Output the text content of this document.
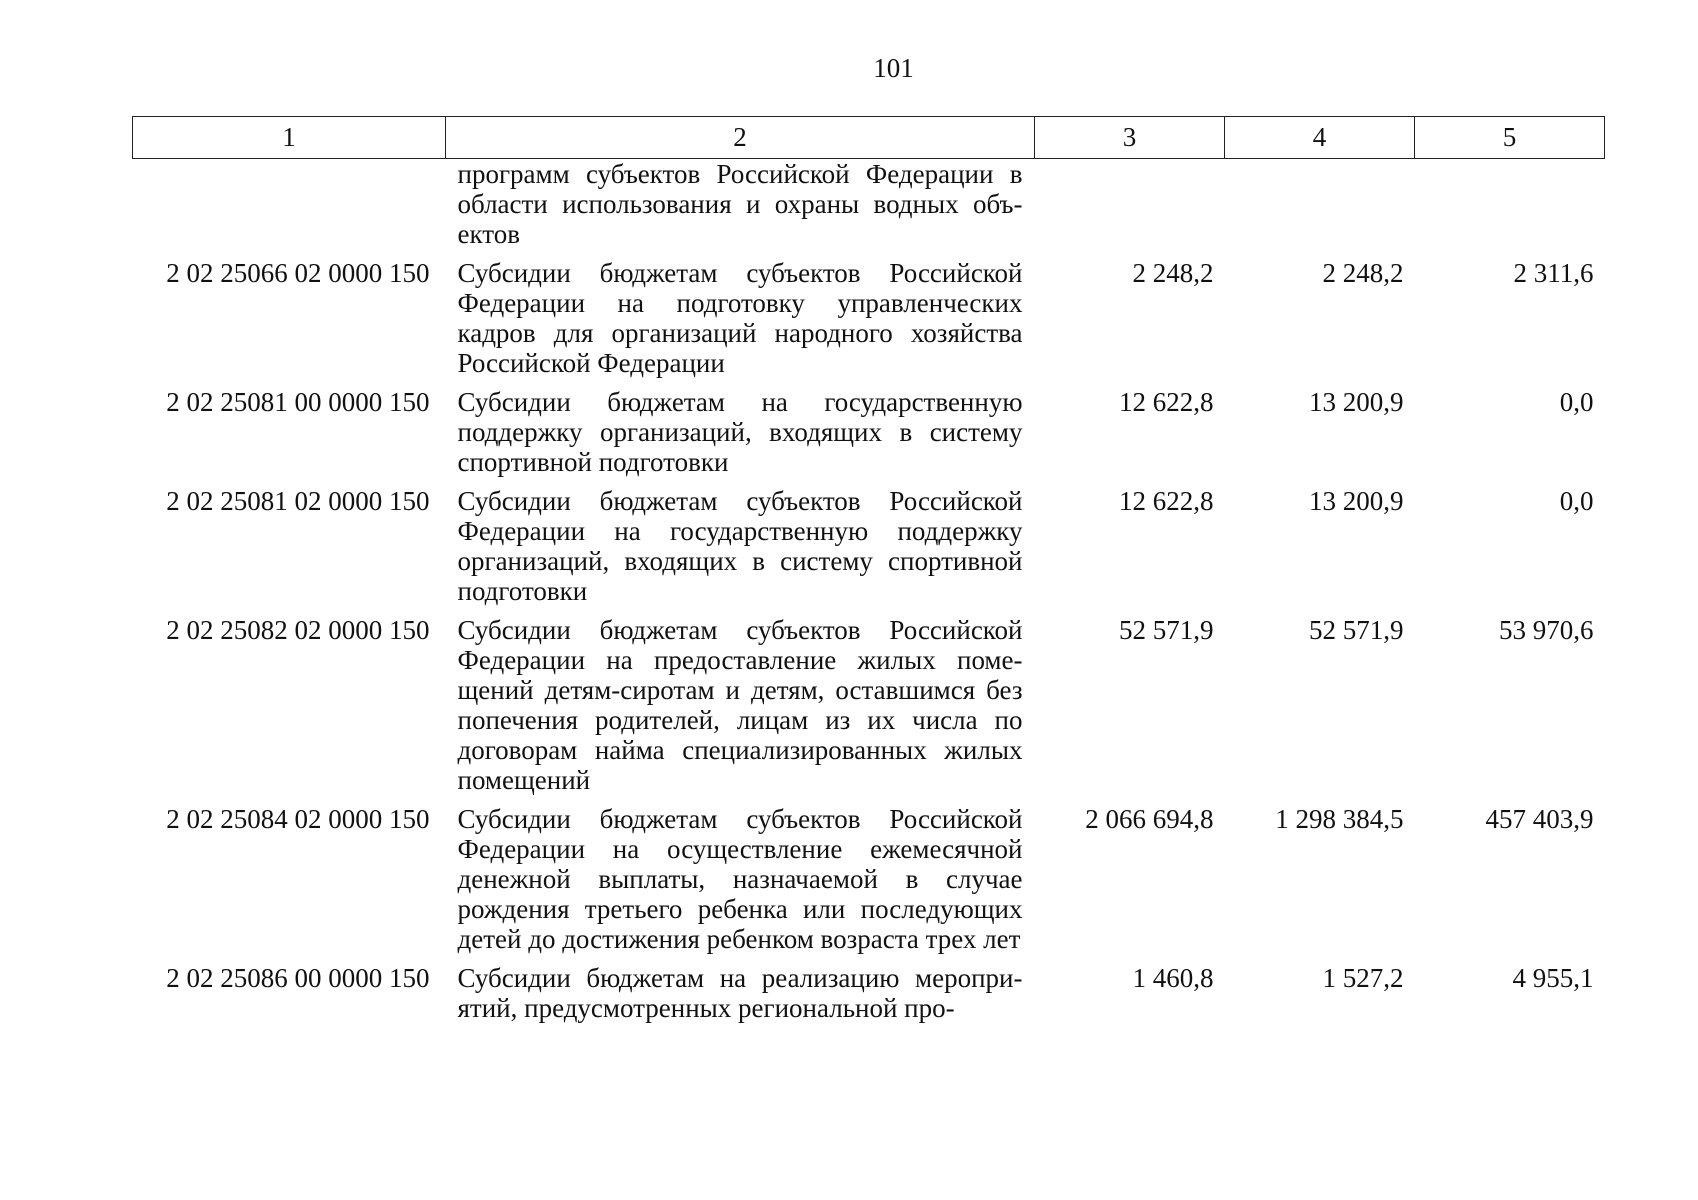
101
1	2	3	4	5
	программ субъектов Российской Федерации в области использования и охраны водных объектов			
2 02 25066 02 0000 150	Субсидии бюджетам субъектов Российской Федерации на подготовку управленческих кадров для организаций народного хозяйства Российской Федерации	2 248,2	2 248,2	2 311,6
2 02 25081 00 0000 150	Субсидии бюджетам на государственную поддержку организаций, входящих в систему спортивной подготовки	12 622,8	13 200,9	0,0
2 02 25081 02 0000 150	Субсидии бюджетам субъектов Российской Федерации на государственную поддержку организаций, входящих в систему спортивной подготовки	12 622,8	13 200,9	0,0
2 02 25082 02 0000 150	Субсидии бюджетам субъектов Российской Федерации на предоставление жилых помещений детям-сиротам и детям, оставшимся без попечения родителей, лицам из их числа по договорам найма специализированных жилых помещений	52 571,9	52 571,9	53 970,6
2 02 25084 02 0000 150	Субсидии бюджетам субъектов Российской Федерации на осуществление ежемесячной денежной выплаты, назначаемой в случае рождения третьего ребенка или последующих детей до достижения ребенком возраста трех лет	2 066 694,8	1 298 384,5	457 403,9
2 02 25086 00 0000 150	Субсидии бюджетам на реализацию мероприятий, предусмотренных региональной про-	1 460,8	1 527,2	4 955,1
